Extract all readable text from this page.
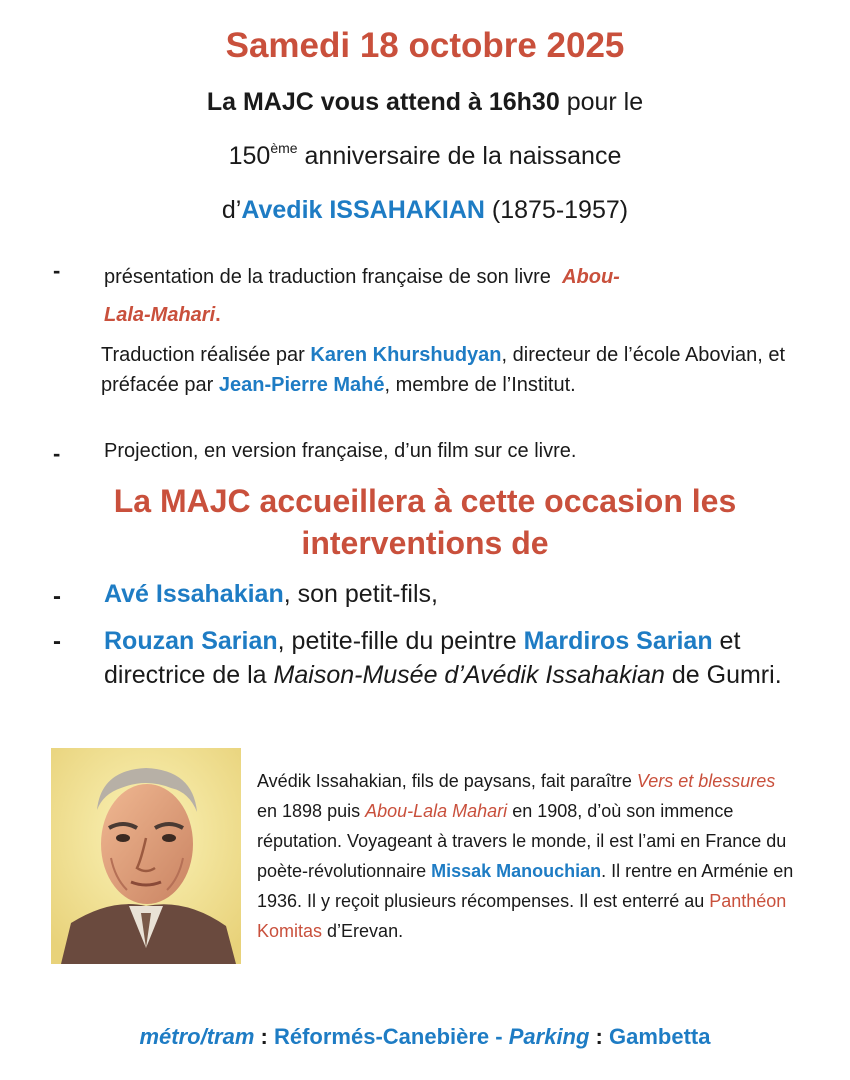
Samedi 18 octobre 2025

La MAJC vous attend à 16h30 pour le

150ème anniversaire de la naissance

d’Avedik ISSAHAKIAN (1875-1957)

- présentation de la traduction française de son livre Abou-
Lala-Mahari.

Traduction réalisée par Karen Khurshudyan, directeur de l’école Abovian, et préfacée par Jean-Pierre Mahé, membre de l’Institut.

- Projection, en version française, d’un film sur ce livre.

La MAJC accueillera à cette occasion les
interventions de
- Avé Issahakian, son petit-fils,

- Rouzan Sarian, petite-fille du peintre Mardiros Sarian et directrice de la Maison-Musée d’Avédik Issahakian de Gumri.

Avédik Issahakian, fils de paysans, fait paraître Vers et blessures en 1898 puis Abou-Lala Mahari en 1908, d’où son immence réputation. Voyageant à travers le monde, il est l’ami en France du poète-révolutionnaire Missak Manouchian. Il rentre en Arménie en 1936. Il y reçoit plusieurs récompenses. Il est enterré au Panthéon Komitas d’Erevan.

métro/tram : Réformés-Canebière - Parking : Gambetta
